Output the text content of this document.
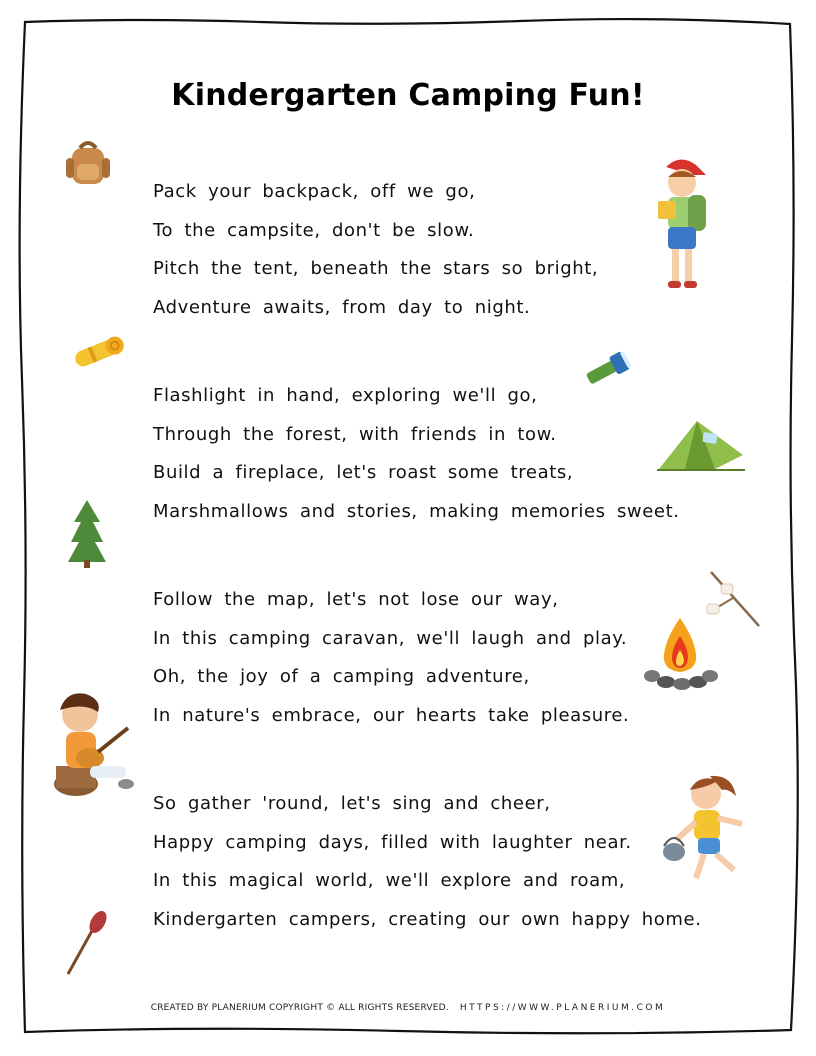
Kindergarten Camping Fun!
Pack your backpack, off we go,
To the campsite, don't be slow.
Pitch the tent, beneath the stars so bright,
Adventure awaits, from day to night.
Flashlight in hand, exploring we'll go,
Through the forest, with friends in tow.
Build a fireplace, let's roast some treats,
Marshmallows and stories, making memories sweet.
Follow the map, let's not lose our way,
In this camping caravan, we'll laugh and play.
Oh, the joy of a camping adventure,
In nature's embrace, our hearts take pleasure.
So gather 'round, let's sing and cheer,
Happy camping days, filled with laughter near.
In this magical world, we'll explore and roam,
Kindergarten campers, creating our own happy home.
CREATED BY PLANERIUM COPYRIGHT © ALL RIGHTS RESERVED. HTTPS://WWW.PLANERIUM.COM
